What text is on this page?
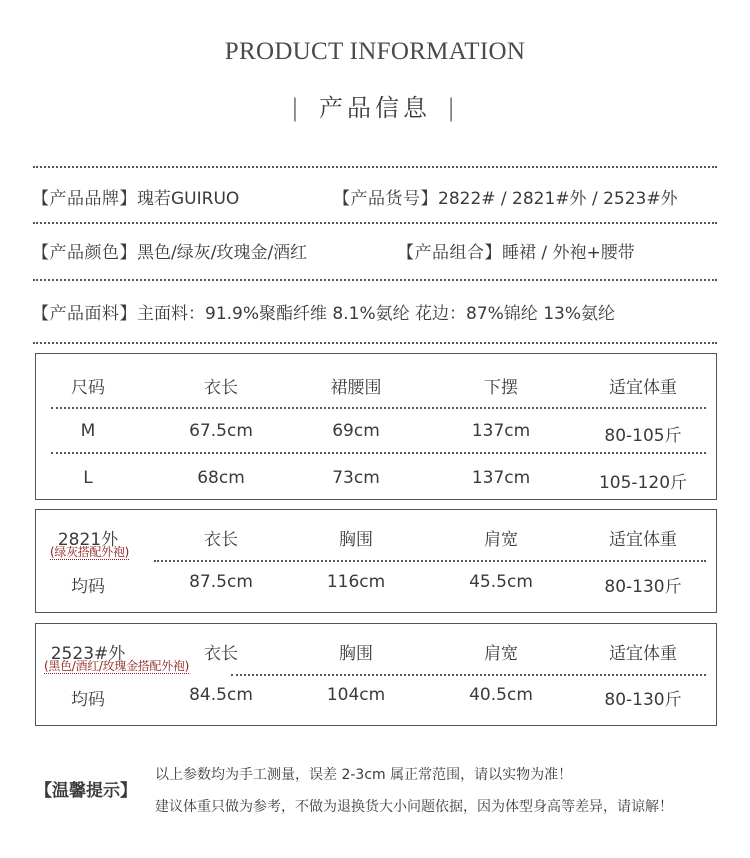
PRODUCT INFORMATION
| 产品信息 |
【产品品牌】瑰若GUIRUO	【产品货号】2822# / 2821#外 / 2523#外
【产品颜色】黑色/绿灰/玫瑰金/酒红	【产品组合】睡裙 / 外袍+腰带
【产品面料】主面料：91.9%聚酯纤维 8.1%氨纶 花边：87%锦纶 13%氨纶
尺码	衣长	裙腰围	下摆	适宜体重
M	67.5cm	69cm	137cm	80-105斤
L	68cm	73cm	137cm	105-120斤
2821外
(绿灰搭配外袍)
衣长	胸围	肩宽	适宜体重
均码	87.5cm	116cm	45.5cm	80-130斤
2523#外
(黑色/酒红/玫瑰金搭配外袍)
衣长	胸围	肩宽	适宜体重
均码	84.5cm	104cm	40.5cm	80-130斤
【温馨提示】
以上参数均为手工测量，误差 2-3cm 属正常范围，请以实物为准！
建议体重只做为参考，不做为退换货大小问题依据，因为体型身高等差异，请谅解！
